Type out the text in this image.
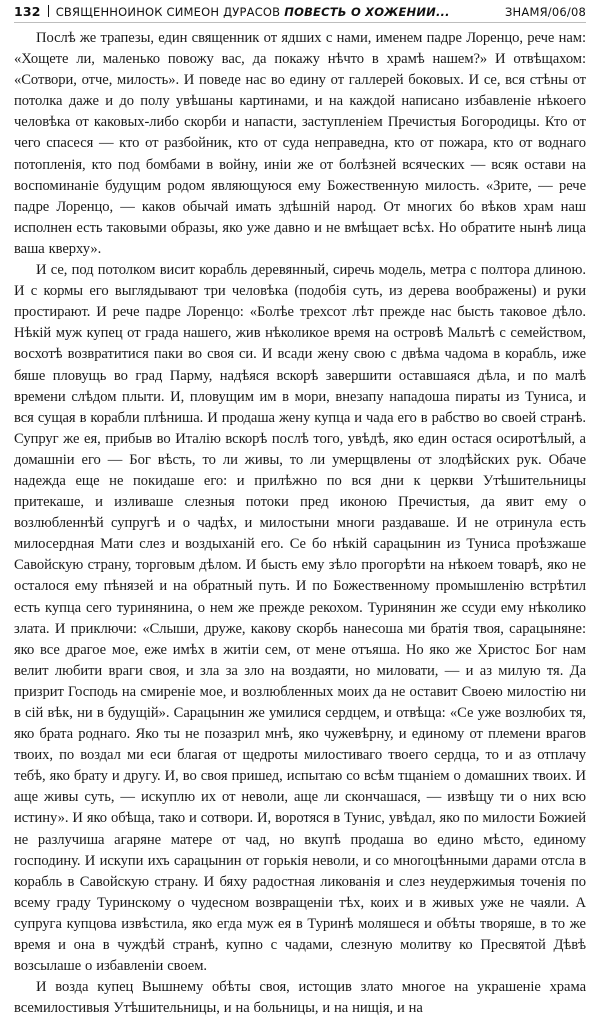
132 СВЯЩЕННОИНОК СИМЕОН ДУРАСОВ ПОВЕСТЬ О ХОЖЕНИИ...	ЗНАМЯ/06/08

Послѣ же трапезы, един священник от ядших с нами, именем падре Лоренцо, рече нам: «Хощете ли, маленько повожу вас, да покажу нѣчто в храмѣ нашем?» И отвѣщахом: «Сотвори, отче, милость». И поведе нас во едину от галлерей боковых. И се, вся стѣны от потолка даже и до полу увѣшаны картинами, и на каждой написано избавленіе нѣкоего человѣка от каковых-либо скорби и напасти, заступленіем Пречистыя Богородицы. Кто от чего спасеся — кто от разбойник, кто от суда неправедна, кто от пожара, кто от воднаго потопленія, кто под бомбами в войну, иніи же от болѣзней всяческих — всяк остави на воспоминаніе будущим родом являющуюся ему Божественную милость. «Зрите, — рече падре Лоренцо, — каков обычай имать здѣшній народ. От многих бо вѣков храм наш исполнен есть таковыми образы, яко уже давно и не вмѣщает всѣх. Но обратите нынѣ лица ваша кверху».

И се, под потолком висит корабль деревянный, сиречь модель, метра с полтора длиною. И с кормы его выглядывают три человѣка (подобія суть, из дерева воображены) и руки простирают. И рече падре Лоренцо: «Болѣе трехсот лѣт прежде нас бысть таковое дѣло. Нѣкій муж купец от града нашего, жив нѣколикое время на островѣ Мальтѣ с семейством, восхотѣ возвратитися паки во своя си. И всади жену свою с двѣма чадома в корабль, иже бяше пловущь во град Парму, надѣяся вскорѣ завершити оставшаяся дѣла, и по малѣ времени слѣдом плыти. И, пловущим им в мори, внезапу нападоша пираты из Туниса, и вся сущая в корабли плѣниша. И продаша жену купца и чада его в рабство во своей странѣ. Супруг же ея, прибыв во Италію вскорѣ послѣ того, увѣдѣ, яко един остася осиротѣлый, а домашніи его — Бог вѣсть, то ли живы, то ли умерщвлены от злодѣйских рук. Обаче надежда еще не покидаше его: и прилѣжно по вся дни к церкви Утѣшительницы притекаше, и изливаше слезныя потоки пред иконою Пречистыя, да явит ему о возлюбленнѣй супругѣ и о чадѣх, и милостыни многи раздаваше. И не отринула есть милосердная Мати слез и воздыханій его. Се бо нѣкій сарацынин из Туниса проѣзжаше Савойскую страну, торговым дѣлом. И бысть ему зѣло прогорѣти на нѣкоем товарѣ, яко не осталося ему пѣнязей и на обратный путь. И по Божественному промышленію встрѣтил есть купца сего туринянина, о нем же прежде рекохом. Туринянин же ссуди ему нѣколико злата. И приключи: «Слыши, друже, какову скорбь нанесоша ми братія твоя, сарацыняне: яко все драгое мое, еже имѣх в житіи сем, от мене отъяша. Но яко же Христос Бог нам велит любити враги своя, и зла за зло на воздаяти, но миловати, — и аз милую тя. Да призрит Господь на смиреніе мое, и возлюбленных моих да не оставит Своею милостію ни в сій вѣк, ни в будущій». Сарацынин же умилися сердцем, и отвѣща: «Се уже возлюбих тя, яко брата роднаго. Яко ты не позазрил мнѣ, яко чужевѣрну, и единому от племени врагов твоих, по воздал ми еси благая от щедроты милостиваго твоего сердца, то и аз отплачу тебѣ, яко брату и другу. И, во своя пришед, испытаю со всѣм тщаніем о домашних твоих. И аще живы суть, — искуплю их от неволи, аще ли скончашася, — извѣщу ти о них всю истину». И яко обѣща, тако и сотвори. И, воротяся в Тунис, увѣдал, яко по милости Божией не разлучиша агаряне матере от чад, но вкупѣ продаша во едино мѣсто, единому господину. И искупи ихъ сарацынин от горькія неволи, и со многоцѣнными дарами отсла в корабль в Савойскую страну. И бяху радостная ликованія и слез неудержимыя точенія по всему граду Туринскому о чудесном возвращеніи тѣх, коих и в живых уже не чаяли. А супруга купцова извѣстила, яко егда муж ея в Туринѣ моляшеся и обѣты творяше, в то же время и она в чуждѣй странѣ, купно с чадами, слезную молитву ко Пресвятой Дѣвѣ возсылаше о избавленіи своем.

И возда купец Вышнему обѣты своя, истощив злато многое на украшеніе храма всемилостивыя Утѣшительницы, и на больницы, и на нищія, и на
